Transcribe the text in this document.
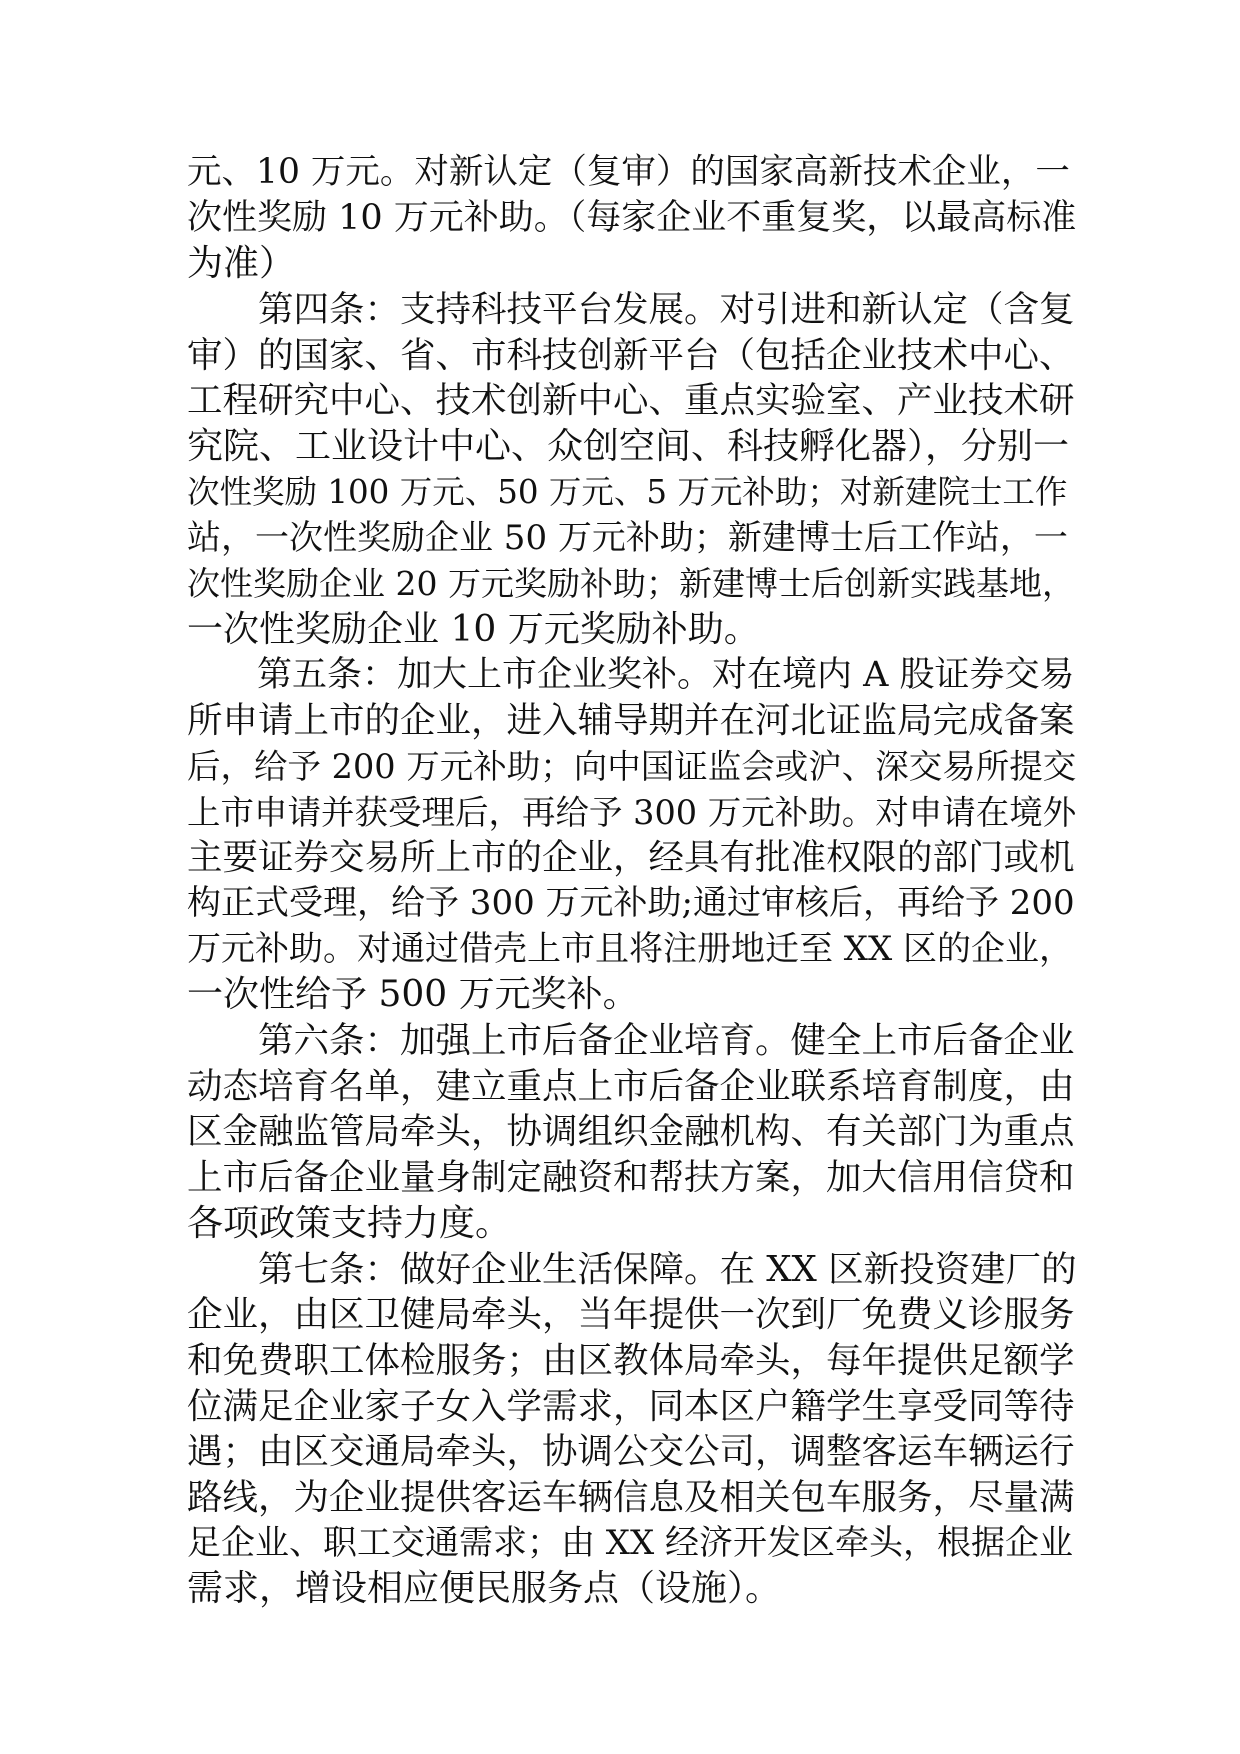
元、10 万元。对新认定（复审）的国家高新技术企业，一
次性奖励 10 万元补助。（每家企业不重复奖，以最高标准
为准）
　　第四条：支持科技平台发展。对引进和新认定（含复
审）的国家、省、市科技创新平台（包括企业技术中心、
工程研究中心、技术创新中心、重点实验室、产业技术研
究院、工业设计中心、众创空间、科技孵化器），分别一
次性奖励 100 万元、50 万元、5 万元补助；对新建院士工作
站，一次性奖励企业 50 万元补助；新建博士后工作站，一
次性奖励企业 20 万元奖励补助；新建博士后创新实践基地，
一次性奖励企业 10 万元奖励补助。
　　第五条：加大上市企业奖补。对在境内 A 股证券交易
所申请上市的企业，进入辅导期并在河北证监局完成备案
后，给予 200 万元补助；向中国证监会或沪、深交易所提交
上市申请并获受理后，再给予 300 万元补助。对申请在境外
主要证券交易所上市的企业，经具有批准权限的部门或机
构正式受理，给予 300 万元补助;通过审核后，再给予 200
万元补助。对通过借壳上市且将注册地迁至 XX 区的企业，
一次性给予 500 万元奖补。
　　第六条：加强上市后备企业培育。健全上市后备企业
动态培育名单，建立重点上市后备企业联系培育制度，由
区金融监管局牵头，协调组织金融机构、有关部门为重点
上市后备企业量身制定融资和帮扶方案，加大信用信贷和
各项政策支持力度。
　　第七条：做好企业生活保障。在 XX 区新投资建厂的
企业，由区卫健局牵头，当年提供一次到厂免费义诊服务
和免费职工体检服务；由区教体局牵头，每年提供足额学
位满足企业家子女入学需求，同本区户籍学生享受同等待
遇；由区交通局牵头，协调公交公司，调整客运车辆运行
路线，为企业提供客运车辆信息及相关包车服务，尽量满
足企业、职工交通需求；由 XX 经济开发区牵头，根据企业
需求，增设相应便民服务点（设施）。
